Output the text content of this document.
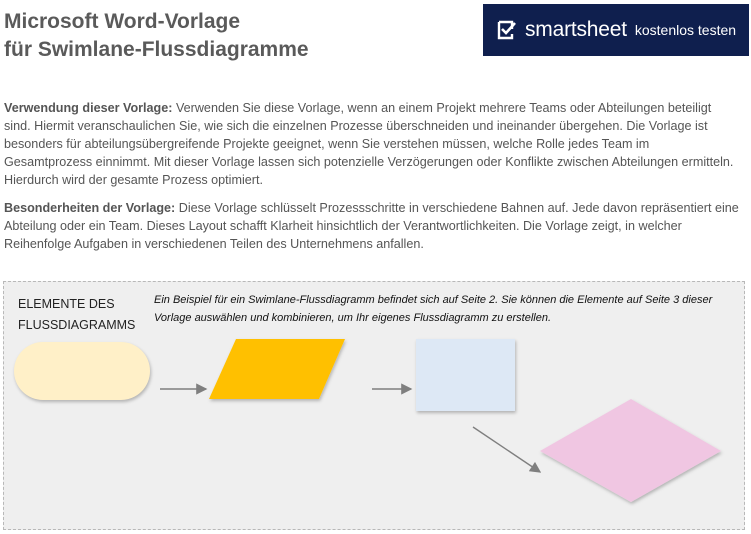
Microsoft Word-Vorlage
für Swimlane-Flussdiagramme
smartsheet kostenlos testen

Verwendung dieser Vorlage: Verwenden Sie diese Vorlage, wenn an einem Projekt mehrere Teams oder Abteilungen beteiligt sind. Hiermit veranschaulichen Sie, wie sich die einzelnen Prozesse überschneiden und ineinander übergehen. Die Vorlage ist besonders für abteilungsübergreifende Projekte geeignet, wenn Sie verstehen müssen, welche Rolle jedes Team im Gesamtprozess einnimmt. Mit dieser Vorlage lassen sich potenzielle Verzögerungen oder Konflikte zwischen Abteilungen ermitteln. Hierdurch wird der gesamte Prozess optimiert.

Besonderheiten der Vorlage: Diese Vorlage schlüsselt Prozessschritte in verschiedene Bahnen auf. Jede davon repräsentiert eine Abteilung oder ein Team. Dieses Layout schafft Klarheit hinsichtlich der Verantwortlichkeiten. Die Vorlage zeigt, in welcher Reihenfolge Aufgaben in verschiedenen Teilen des Unternehmens anfallen.

ELEMENTE DES FLUSSDIAGRAMMS
Ein Beispiel für ein Swimlane-Flussdiagramm befindet sich auf Seite 2. Sie können die Elemente auf Seite 3 dieser Vorlage auswählen und kombinieren, um Ihr eigenes Flussdiagramm zu erstellen.
